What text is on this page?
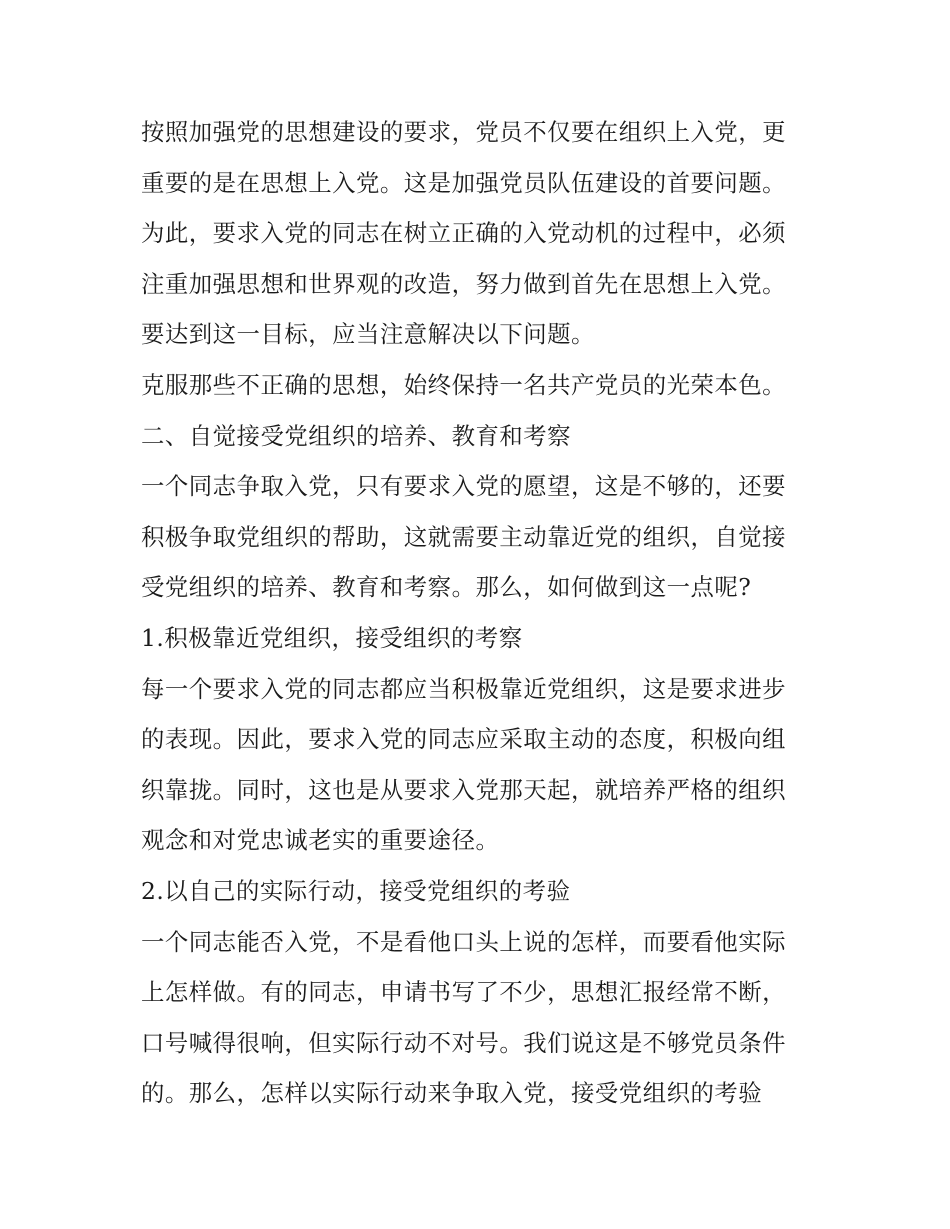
按照加强党的思想建设的要求，党员不仅要在组织上入党，更
重要的是在思想上入党。这是加强党员队伍建设的首要问题。
为此，要求入党的同志在树立正确的入党动机的过程中，必须
注重加强思想和世界观的改造，努力做到首先在思想上入党。
要达到这一目标，应当注意解决以下问题。
克服那些不正确的思想，始终保持一名共产党员的光荣本色。
二、自觉接受党组织的培养、教育和考察
一个同志争取入党，只有要求入党的愿望，这是不够的，还要
积极争取党组织的帮助，这就需要主动靠近党的组织，自觉接
受党组织的培养、教育和考察。那么，如何做到这一点呢?
1.积极靠近党组织，接受组织的考察
每一个要求入党的同志都应当积极靠近党组织，这是要求进步
的表现。因此，要求入党的同志应采取主动的态度，积极向组
织靠拢。同时，这也是从要求入党那天起，就培养严格的组织
观念和对党忠诚老实的重要途径。
2.以自己的实际行动，接受党组织的考验
一个同志能否入党，不是看他口头上说的怎样，而要看他实际
上怎样做。有的同志，申请书写了不少，思想汇报经常不断，
口号喊得很响，但实际行动不对号。我们说这是不够党员条件
的。那么，怎样以实际行动来争取入党，接受党组织的考验
